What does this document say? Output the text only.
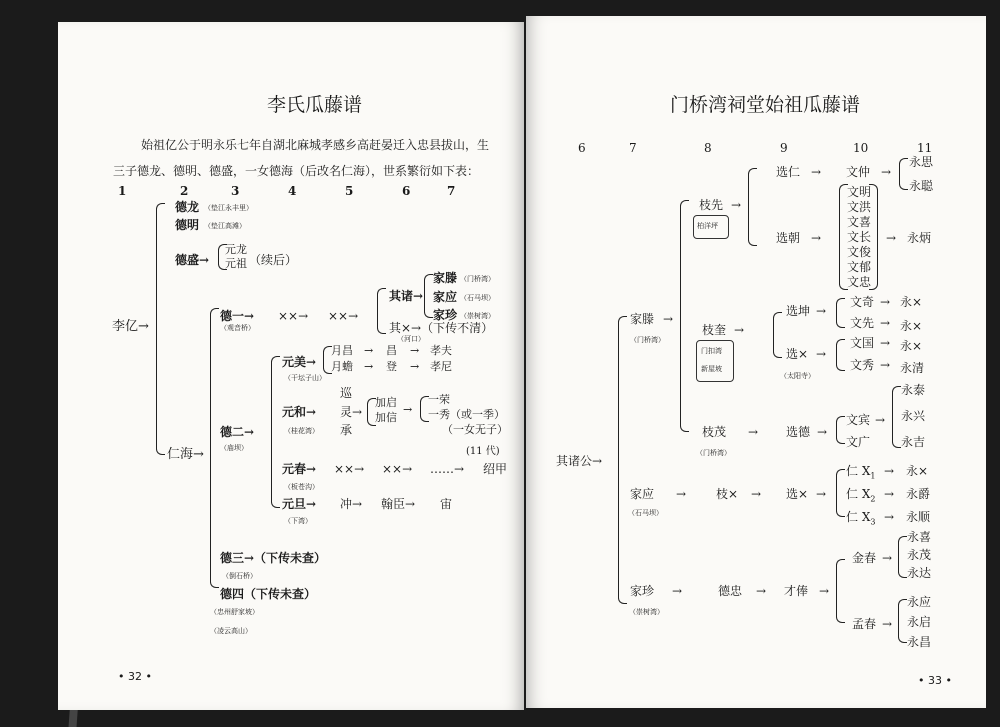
李氏瓜藤谱
始祖亿公于明永乐七年自湖北麻城孝感乡高赶晏迁入忠县拔山，生
三子德龙、德明、德盛，一女德海（后改名仁海），世系繁衍如下表：
1	2	3	4	5	6	7
李亿→
德龙 （垫江永丰里）
德明 （垫江高滩）
德盛→
元龙
元祖 （续后）
仁海→
德一→
（观音桥）
××→ ××→
其诸→
（河口）
家滕 （门桥湾）
家应 （石马坝）
家珍 （崇树湾）
其×→（下传不清）
德二→
（庙坝）
元美→
（干坛子山）
月昌 → 昌 → 孝夫
月蟾 → 登 → 孝尼
元和→
（桂花湾）
巡
灵→
承
加启
加信
→
一荣
一秀（或一季）
（一女无子）
(11 代)
元春→
（板苍沟）
××→ ××→ ……→ 绍甲
元旦→
（下湾）
冲→ 翰臣→ 宙
德三→（下传未查）
（倒石桥）
德四（下传未查）
（忠州舒家坡）
（凌云高山）
• 32 •
门桥湾祠堂始祖瓜藤谱
6	7	8	9	10	11
其诸公→
家滕
（门桥湾）
→
枝先 →
柏洋坪
选仁 → 文仲 →
永思
永聪
选朝 →
文明
文洪
文喜
文长
文俊
文郁
文忠
→ 永炳
枝奎 →
门扣湾
新屋坡
选坤 →
文奇 → 永×
文先 → 永×
选× →
（太阳寺）
文国 → 永×
文秀 → 永清
枝茂
（门桥湾）
→ 选德 →
文宾
文广
→
永泰
永兴
永吉
家应
（石马坝）
→ 枝× → 选× →
仁 $X_1$
仁 $X_2$
仁 $X_3$
→
→
→
永×
永爵
永顺
家珍
（崇树湾）
→	德忠 → 才俸 →
金春 →
永喜
永茂
永达
孟春 →
永应
永启
永昌
• 33 •
